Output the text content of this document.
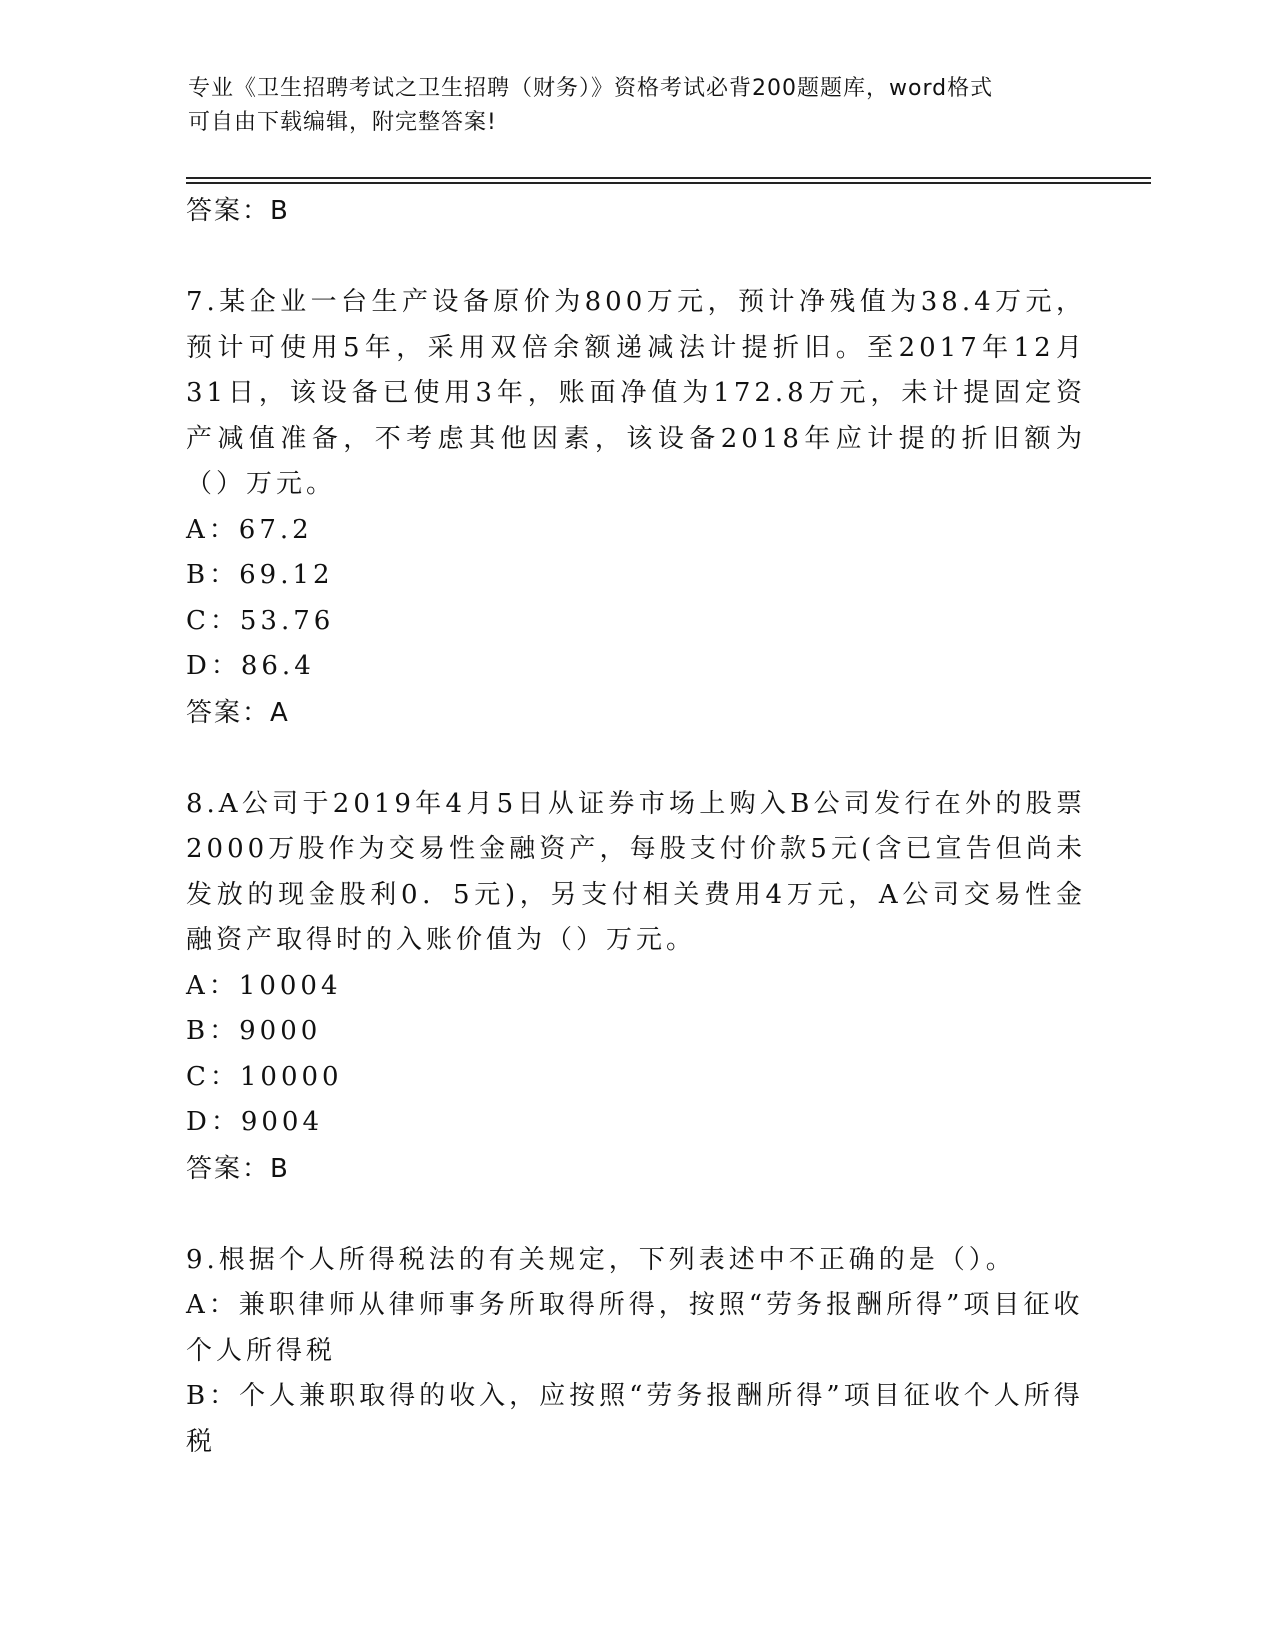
专业《卫生招聘考试之卫生招聘（财务）》资格考试必背200题题库，word格式
可自由下载编辑，附完整答案!
答案：B

7.某企业一台生产设备原价为800万元，预计净残值为38.4万元，预计可使用5年，采用双倍余额递减法计提折旧。至2017年12月31日，该设备已使用3年，账面净值为172.8万元，未计提固定资产减值准备，不考虑其他因素，该设备2018年应计提的折旧额为（）万元。

A：67.2

B：69.12

C：53.76

D：86.4

答案：A

8.A公司于2019年4月5日从证券市场上购入B公司发行在外的股票2000万股作为交易性金融资产，每股支付价款5元(含已宣告但尚未发放的现金股利0．5元)，另支付相关费用4万元，A公司交易性金融资产取得时的入账价值为（）万元。

A：10004

B：9000

C：10000

D：9004

答案：B

9.根据个人所得税法的有关规定，下列表述中不正确的是（）。

A：兼职律师从律师事务所取得所得，按照“劳务报酬所得”项目征收个人所得税

B：个人兼职取得的收入，应按照“劳务报酬所得”项目征收个人所得税
